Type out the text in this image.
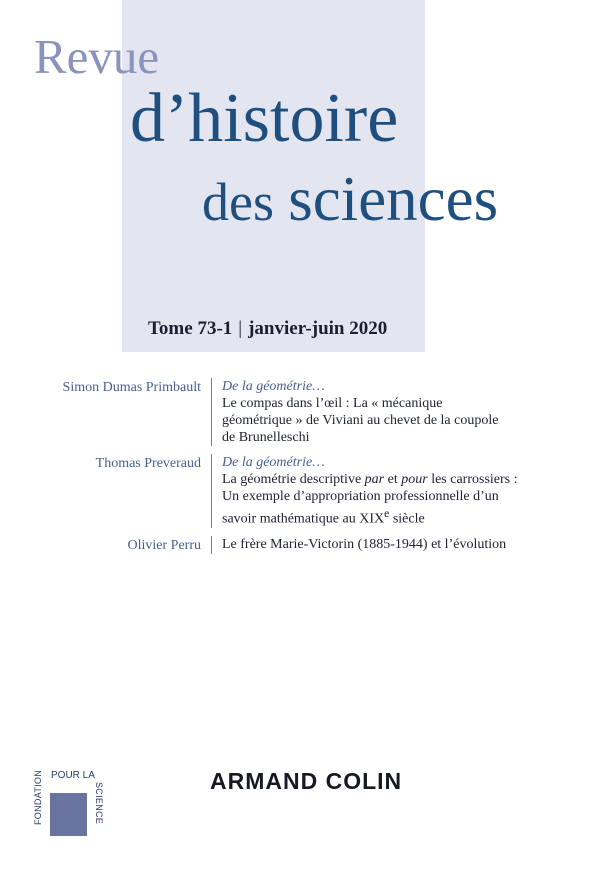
Revue
d’histoire
des sciences
Tome 73-1 | janvier-juin 2020
Simon Dumas Primbault De la géométrie…

Le compas dans l’œil : La « mécanique

géométrique » de Viviani au chevet de la coupole

de Brunelleschi

Thomas Preveraud De la géométrie…

La géométrie descriptive par et pour les carrossiers :

Un exemple d’appropriation professionnelle d’un

savoir mathématique au XIXe siècle

Olivier Perru Le frère Marie-Victorin (1885-1944) et l’évolution

FONDATION POUR LA
SCIENCE
ARMAND COLIN
